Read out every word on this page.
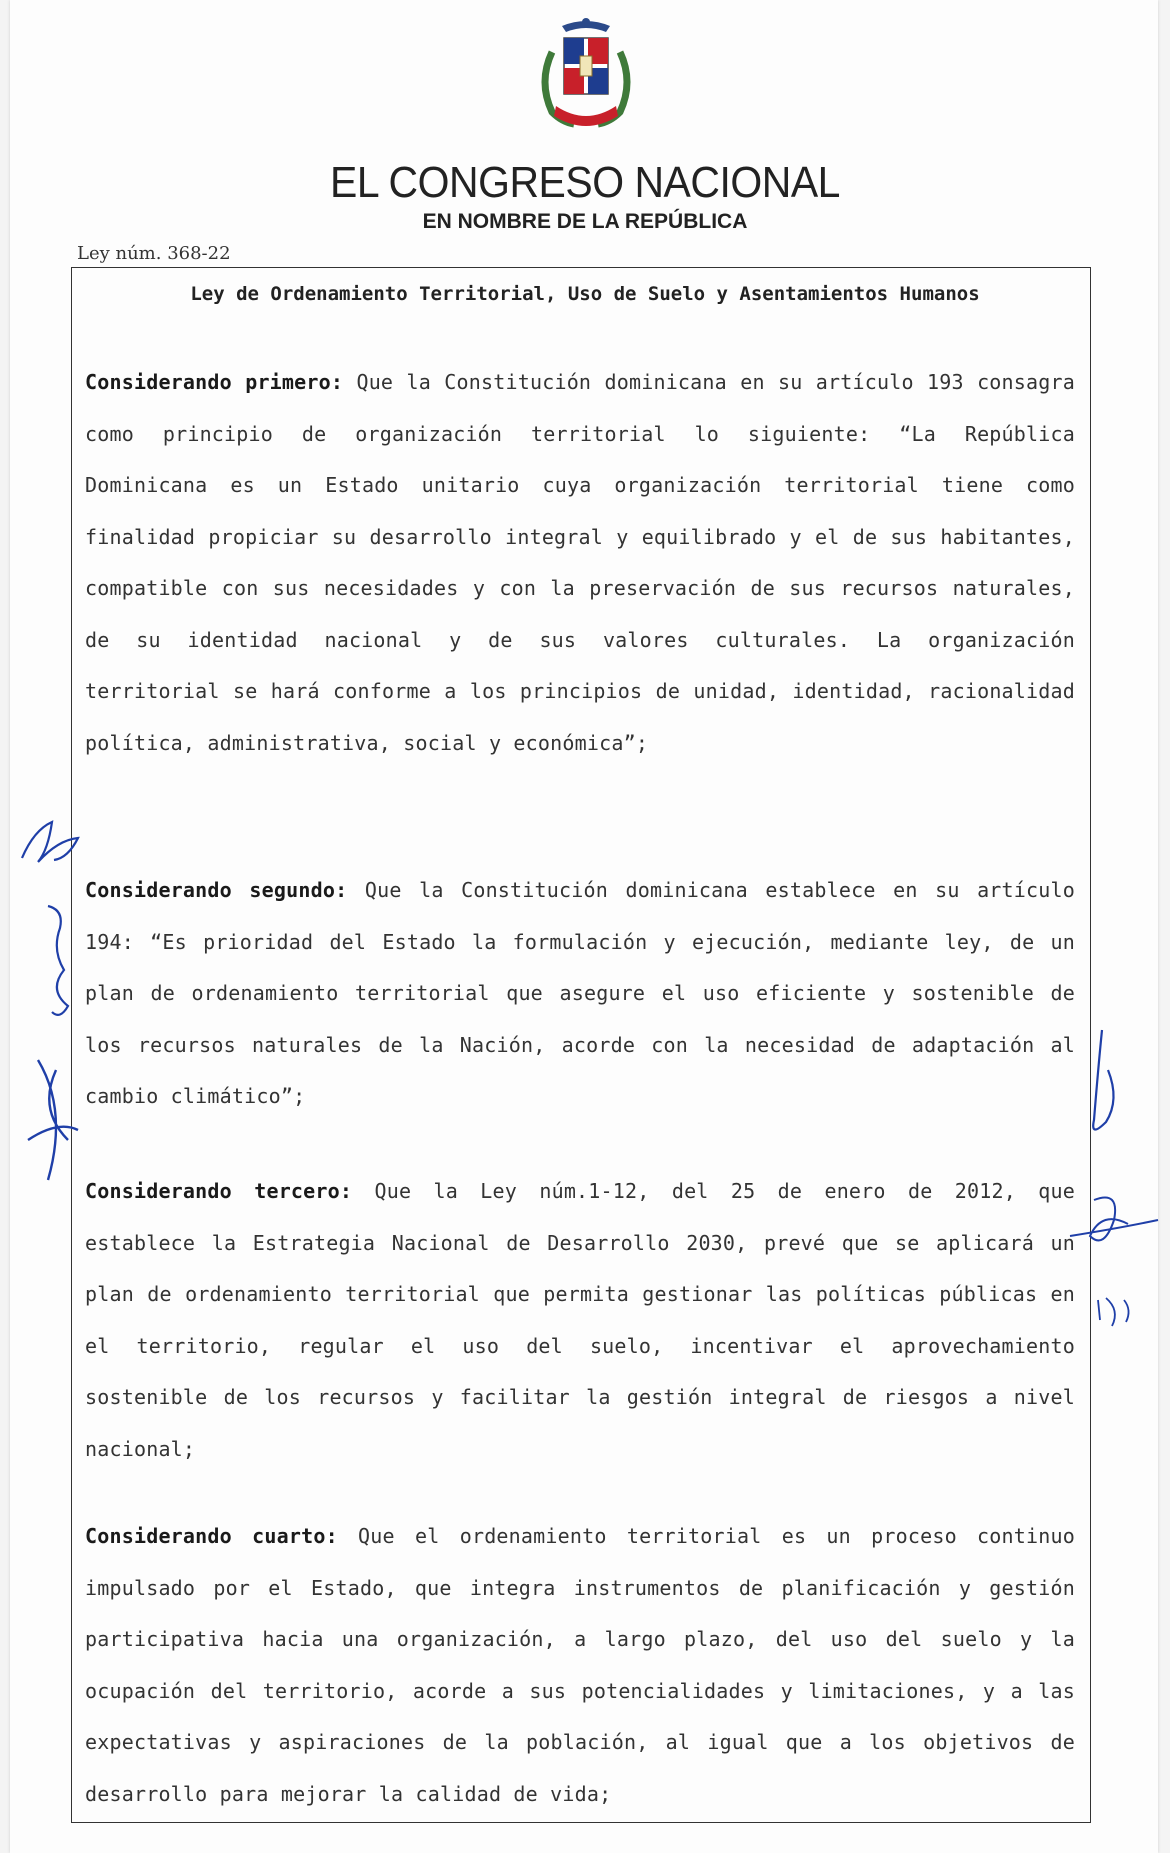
EL CONGRESO NACIONAL
EN NOMBRE DE LA REPÚBLICA
Ley núm. 368-22
Ley de Ordenamiento Territorial, Uso de Suelo y Asentamientos Humanos
Considerando primero: Que la Constitución dominicana en su artículo 193 consagra como principio de organización territorial lo siguiente: “La República Dominicana es un Estado unitario cuya organización territorial tiene como finalidad propiciar su desarrollo integral y equilibrado y el de sus habitantes, compatible con sus necesidades y con la preservación de sus recursos naturales, de su identidad nacional y de sus valores culturales. La organización territorial se hará conforme a los principios de unidad, identidad, racionalidad política, administrativa, social y económica”;
Considerando segundo: Que la Constitución dominicana establece en su artículo 194: “Es prioridad del Estado la formulación y ejecución, mediante ley, de un plan de ordenamiento territorial que asegure el uso eficiente y sostenible de los recursos naturales de la Nación, acorde con la necesidad de adaptación al cambio climático”;
Considerando tercero: Que la Ley núm.1-12, del 25 de enero de 2012, que establece la Estrategia Nacional de Desarrollo 2030, prevé que se aplicará un plan de ordenamiento territorial que permita gestionar las políticas públicas en el territorio, regular el uso del suelo, incentivar el aprovechamiento sostenible de los recursos y facilitar la gestión integral de riesgos a nivel nacional;
Considerando cuarto: Que el ordenamiento territorial es un proceso continuo impulsado por el Estado, que integra instrumentos de planificación y gestión participativa hacia una organización, a largo plazo, del uso del suelo y la ocupación del territorio, acorde a sus potencialidades y limitaciones, y a las expectativas y aspiraciones de la población, al igual que a los objetivos de desarrollo para mejorar la calidad de vida;
